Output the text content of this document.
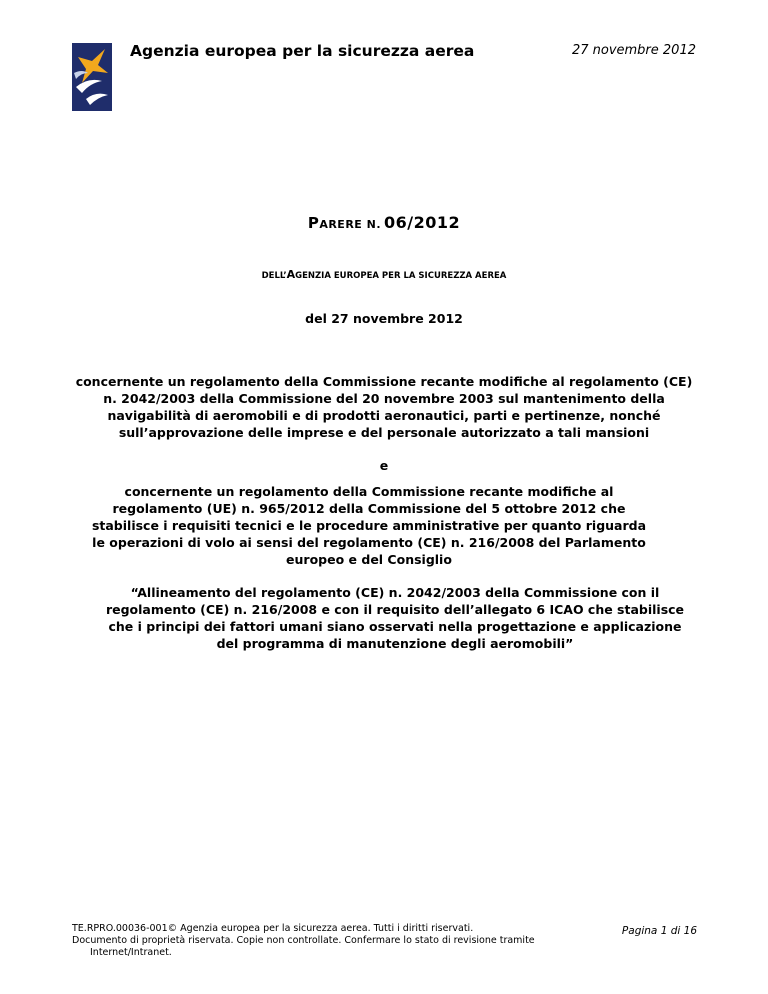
Agenzia europea per la sicurezza aerea	27 novembre 2012
PARERE N. 06/2012
DELL’AGENZIA EUROPEA PER LA SICUREZZA AEREA
del 27 novembre 2012
concernente un regolamento della Commissione recante modifiche al regolamento (CE) n. 2042/2003 della Commissione del 20 novembre 2003 sul mantenimento della navigabilità di aeromobili e di prodotti aeronautici, parti e pertinenze, nonché sull’approvazione delle imprese e del personale autorizzato a tali mansioni
e
concernente un regolamento della Commissione recante modifiche al regolamento (UE) n. 965/2012 della Commissione del 5 ottobre 2012 che stabilisce i requisiti tecnici e le procedure amministrative per quanto riguarda le operazioni di volo ai sensi del regolamento (CE) n. 216/2008 del Parlamento europeo e del Consiglio
“Allineamento del regolamento (CE) n. 2042/2003 della Commissione con il regolamento (CE) n. 216/2008 e con il requisito dell’allegato 6 ICAO che stabilisce che i principi dei fattori umani siano osservati nella progettazione e applicazione del programma di manutenzione degli aeromobili”
TE.RPRO.00036-001© Agenzia europea per la sicurezza aerea. Tutti i diritti riservati.
Documento di proprietà riservata. Copie non controllate. Confermare lo stato di revisione tramite
Internet/Intranet.
Pagina 1 di 16
